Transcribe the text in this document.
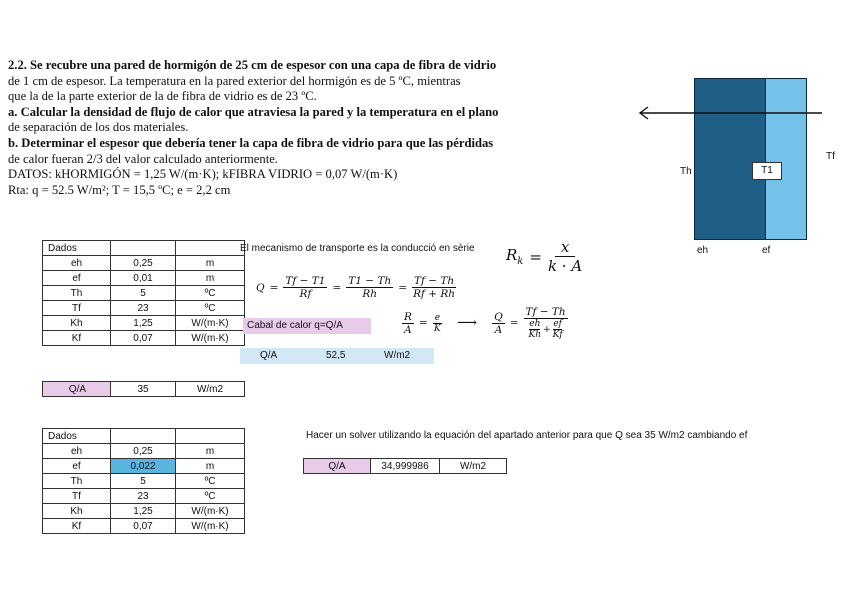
2.2. Se recubre una pared de hormigón de 25 cm de espesor con una capa de fibra de vidrio

de 1 cm de espesor. La temperatura en la pared exterior del hormigón es de 5 ºC, mientras

que la de la parte exterior de la de fibra de vidrio es de 23 ºC.

a. Calcular la densidad de flujo de calor que atraviesa la pared y la temperatura en el plano

de separación de los dos materiales.

b. Determinar el espesor que debería tener la capa de fibra de vidrio para que las pérdidas

de calor fueran 2/3 del valor calculado anteriormente.

DATOS: kHORMIGÓN = 1,25 W/(m·K); kFIBRA VIDRIO = 0,07 W/(m·K)

Rta: q = 52.5 W/m²; T = 15,5 ºC; e = 2,2 cm

T1
Th
Tf
eh	ef
Dados		
eh	0,25	m
ef	0,01	m
Th	5	ºC
Tf	23	ºC
Kh	1,25	W/(m·K)
Kf	0,07	W/(m·K)
El mecanismo de transporte es la conducció en sèrie $R_k = \frac{x}{k \cdot A}$
$Q = \frac{Tf - T1}{Rf} = \frac{T1 - Th}{Rh} = \frac{Tf - Th}{Rf + Rh}$
$\frac{R}{A} = \frac{e}{K}$ ⟶ $\frac{Q}{A} = Tf - Th$
eh
Kh
+
ef
Kf
Cabal de calor q=Q/A
Q/A	52,5	W/m2
Q/A	35	W/m2
Dados		
eh	0,25	m
ef	0,022	m
Th	5	ºC
Tf	23	ºC
Kh	1,25	W/(m·K)
Kf	0,07	W/(m·K)
Hacer un solver utilizando la equación del apartado anterior para que Q sea 35 W/m2 cambiando ef
Q/A	34,999986	W/m2
